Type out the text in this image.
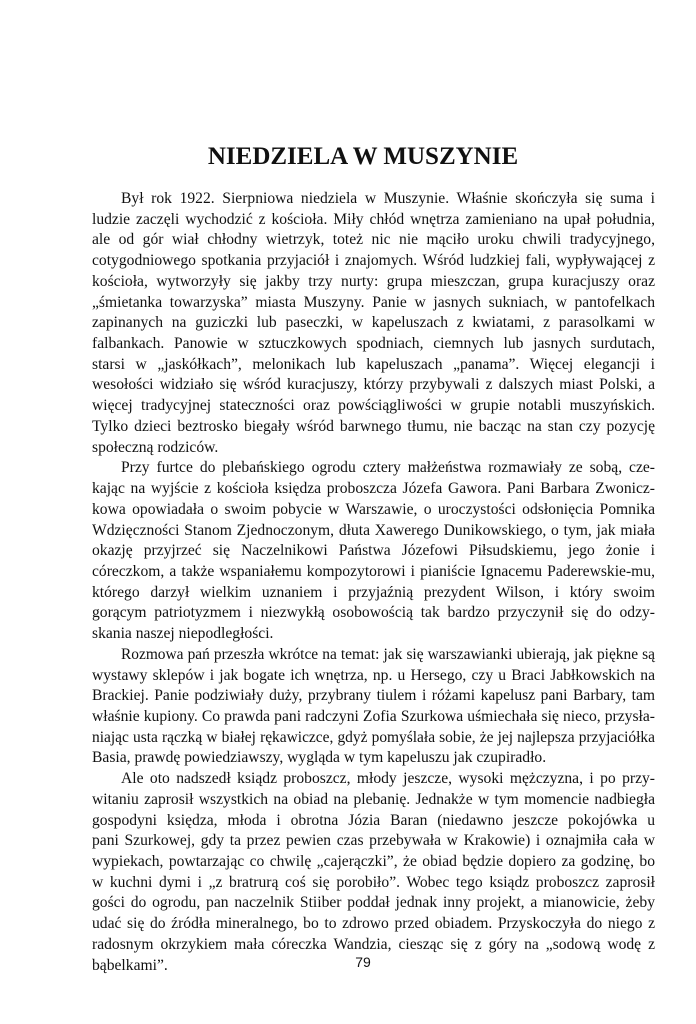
NIEDZIELA W MUSZYNIE

Był rok 1922. Sierpniowa niedziela w Muszynie. Właśnie skończyła się suma i
ludzie zaczęli wychodzić z kościoła. Miły chłód wnętrza zamieniano na upał południa,
ale od gór wiał chłodny wietrzyk, toteż nic nie mąciło uroku chwili tradycyjnego,
cotygodniowego spotkania przyjaciół i znajomych. Wśród ludzkiej fali, wypływającej z
kościoła, wytworzyły się jakby trzy nurty: grupa mieszczan, grupa kuracjuszy oraz
„śmietanka towarzyska” miasta Muszyny. Panie w jasnych sukniach, w pantofelkach
zapinanych na guziczki lub paseczki, w kapeluszach z kwiatami, z parasolkami w
falbankach. Panowie w sztuczkowych spodniach, ciemnych lub jasnych surdutach,
starsi w „jaskółkach”, melonikach lub kapeluszach „panama”. Więcej elegancji i
wesołości widziało się wśród kuracjuszy, którzy przybywali z dalszych miast Polski, a
więcej tradycyjnej stateczności oraz powściągliwości w grupie notabli muszyńskich.
Tylko dzieci beztrosko biegały wśród barwnego tłumu, nie bacząc na stan czy pozycję
społeczną rodziców.

Przy furtce do plebańskiego ogrodu cztery małżeństwa rozmawiały ze sobą, cze-
kając na wyjście z kościoła księdza proboszcza Józefa Gawora. Pani Barbara Zwonicz-
kowa opowiadała o swoim pobycie w Warszawie, o uroczystości odsłonięcia Pomnika
Wdzięczności Stanom Zjednoczonym, dłuta Xawerego Dunikowskiego, o tym, jak miała
okazję przyjrzeć się Naczelnikowi Państwa Józefowi Piłsudskiemu, jego żonie i
córeczkom, a także wspaniałemu kompozytorowi i pianiście Ignacemu Paderewskie-mu,
którego darzył wielkim uznaniem i przyjaźnią prezydent Wilson, i który swoim
gorącym patriotyzmem i niezwykłą osobowością tak bardzo przyczynił się do odzy-
skania naszej niepodległości.

Rozmowa pań przeszła wkrótce na temat: jak się warszawianki ubierają, jak piękne są
wystawy sklepów i jak bogate ich wnętrza, np. u Hersego, czy u Braci Jabłkowskich na
Brackiej. Panie podziwiały duży, przybrany tiulem i różami kapelusz pani Barbary, tam
właśnie kupiony. Co prawda pani radczyni Zofia Szurkowa uśmiechała się nieco, przysła-
niając usta rączką w białej rękawiczce, gdyż pomyślała sobie, że jej najlepsza przyjaciółka
Basia, prawdę powiedziawszy, wygląda w tym kapeluszu jak czupiradło.

Ale oto nadszedł ksiądz proboszcz, młody jeszcze, wysoki mężczyzna, i po przy-
witaniu zaprosił wszystkich na obiad na plebanię. Jednakże w tym momencie nadbiegła
gospodyni księdza, młoda i obrotna Józia Baran (niedawno jeszcze pokojówka u
pani Szurkowej, gdy ta przez pewien czas przebywała w Krakowie) i oznajmiła cała w
wypiekach, powtarzając co chwilę „cajerączki”, że obiad będzie dopiero za godzinę, bo
w kuchni dymi i „z bratrurą coś się porobiło”. Wobec tego ksiądz proboszcz zaprosił
gości do ogrodu, pan naczelnik Stiiber poddał jednak inny projekt, a mianowicie, żeby
udać się do źródła mineralnego, bo to zdrowo przed obiadem. Przyskoczyła do niego z
radosnym okrzykiem mała córeczka Wandzia, ciesząc się z góry na „sodową wodę z
bąbelkami”.	79
